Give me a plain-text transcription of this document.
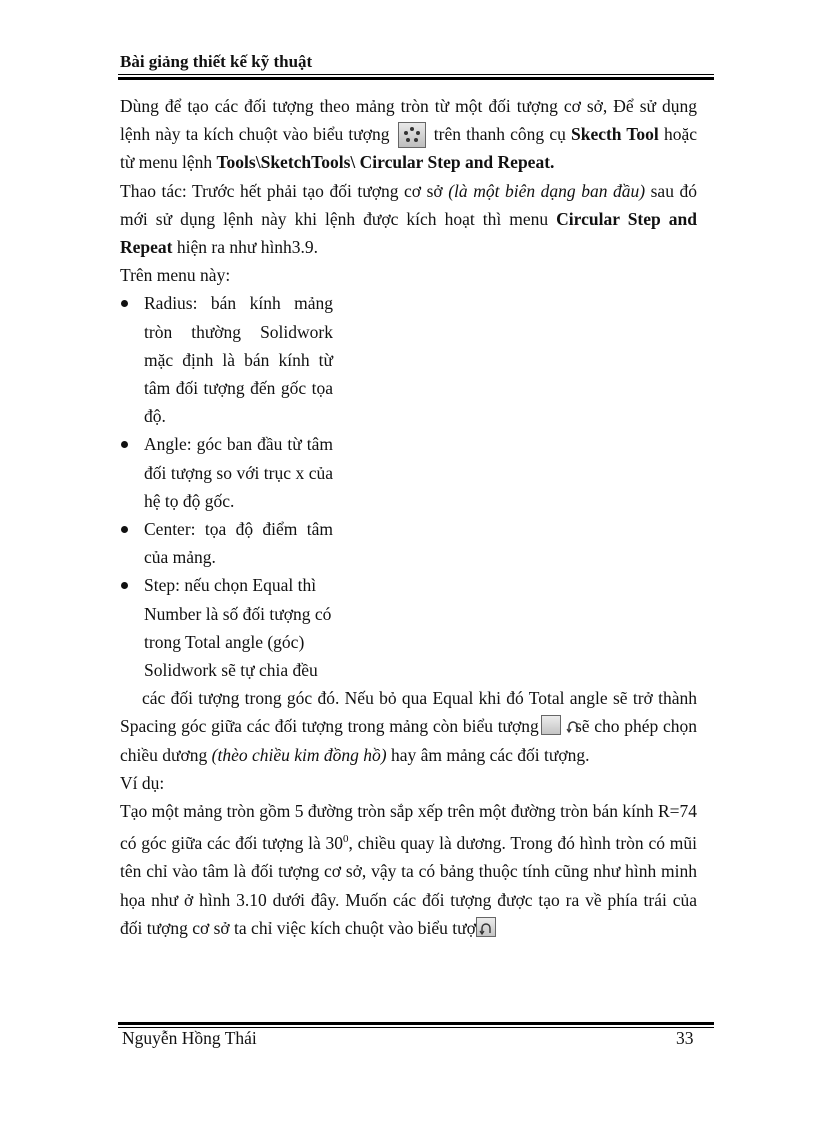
Bài giảng thiết kế kỹ thuật

Dùng để tạo các đối tượng theo mảng tròn từ một đối tượng cơ sở, Để sử dụng lệnh này ta kích chuột vào biểu tượng	trên thanh công cụ Skecth Tool hoặc từ menu lệnh Tools\SketchTools\ Circular Step and Repeat.

Thao tác: Trước hết phải tạo đối tượng cơ sở (là một biên dạng ban đầu) sau đó mới sử dụng lệnh này khi lệnh được kích hoạt thì menu Circular Step and Repeat hiện ra như hình3.9.

Trên menu này:

Radius: bán kính mảng tròn thường Solidwork mặc định là bán kính từ tâm đối tượng đến gốc tọa độ.
Angle: góc ban đầu từ tâm đối tượng so với trục x của hệ tọ độ gốc.
Center: tọa độ điểm tâm của mảng.
Step: nếu chọn Equal thì Number là số đối tượng có trong Total angle (góc) Solidwork sẽ tự chia đều

các đối tượng trong góc đó. Nếu bỏ qua Equal khi đó Total angle sẽ trở thành Spacing góc giữa các đối tượng trong mảng còn biểu tượng sẽ cho phép chọn chiều dương (thèo chiều kim đồng hồ) hay âm mảng các đối tượng.

Ví dụ:

Tạo một mảng tròn gồm 5 đường tròn sắp xếp trên một đường tròn bán kính R=74 có góc giữa các đối tượng là $30^0$, chiều quay là dương. Trong đó hình tròn có mũi tên chỉ vào tâm là đối tượng cơ sở, vậy ta có bảng thuộc tính cũng như hình minh họa như ở hình 3.10 dưới đây. Muốn các đối tượng được tạo ra về phía trái của đối tượng cơ sở ta chỉ việc kích chuột vào biểu tượ

Nguyễn Hồng Thái	33
